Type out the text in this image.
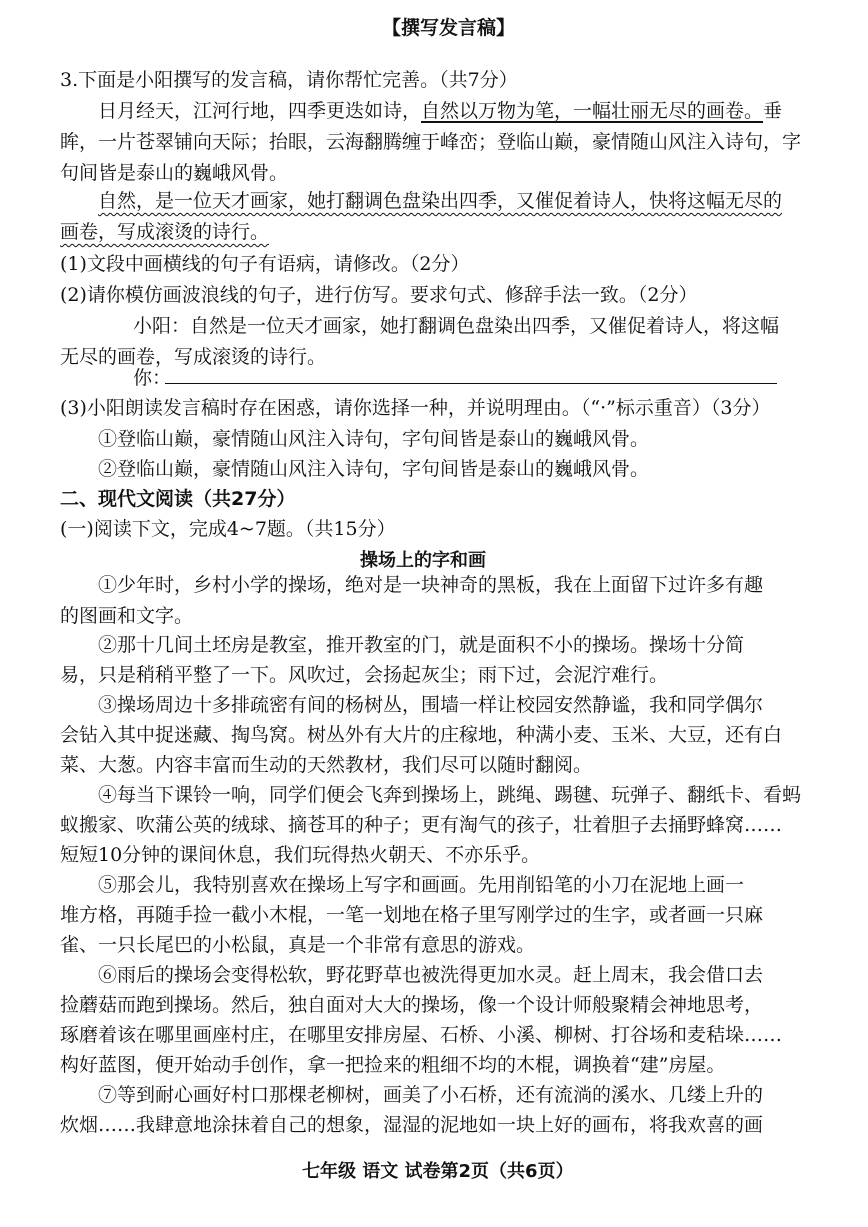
【撰写发言稿】
3.下面是小阳撰写的发言稿，请你帮忙完善。（共7分）
日月经天，江河行地，四季更迭如诗，自然以万物为笔，一幅壮丽无尽的画卷。垂
眸，一片苍翠铺向天际；抬眼，云海翻腾缠于峰峦；登临山巅，豪情随山风注入诗句，字
句间皆是泰山的巍峨风骨。
自然，是一位天才画家，她打翻调色盘染出四季，又催促着诗人，快将这幅无尽的
画卷，写成滚烫的诗行。
(1)文段中画横线的句子有语病，请修改。（2分）
(2)请你模仿画波浪线的句子，进行仿写。要求句式、修辞手法一致。（2分）
小阳：自然是一位天才画家，她打翻调色盘染出四季，又催促着诗人，将这幅
无尽的画卷，写成滚烫的诗行。
你：
(3)小阳朗读发言稿时存在困惑，请你选择一种，并说明理由。（“·”标示重音）（3分）
①登临山巅，豪情随山风注入诗句，字句间皆是泰山的巍峨风骨。
②登临山巅，豪情随山风注入诗句，字句间皆是泰山的巍峨风骨。
二、现代文阅读（共27分）
(一)阅读下文，完成4~7题。（共15分）
操场上的字和画
①少年时，乡村小学的操场，绝对是一块神奇的黑板，我在上面留下过许多有趣
的图画和文字。
②那十几间土坯房是教室，推开教室的门，就是面积不小的操场。操场十分简
易，只是稍稍平整了一下。风吹过，会扬起灰尘；雨下过，会泥泞难行。
③操场周边十多排疏密有间的杨树丛，围墙一样让校园安然静谧，我和同学偶尔
会钻入其中捉迷藏、掏鸟窝。树丛外有大片的庄稼地，种满小麦、玉米、大豆，还有白
菜、大葱。内容丰富而生动的天然教材，我们尽可以随时翻阅。
④每当下课铃一响，同学们便会飞奔到操场上，跳绳、踢毽、玩弹子、翻纸卡、看蚂
蚁搬家、吹蒲公英的绒球、摘苍耳的种子；更有淘气的孩子，壮着胆子去捅野蜂窝……
短短10分钟的课间休息，我们玩得热火朝天、不亦乐乎。
⑤那会儿，我特别喜欢在操场上写字和画画。先用削铅笔的小刀在泥地上画一
堆方格，再随手捡一截小木棍，一笔一划地在格子里写刚学过的生字，或者画一只麻
雀、一只长尾巴的小松鼠，真是一个非常有意思的游戏。
⑥雨后的操场会变得松软，野花野草也被洗得更加水灵。赶上周末，我会借口去
捡蘑菇而跑到操场。然后，独自面对大大的操场，像一个设计师般聚精会神地思考，
琢磨着该在哪里画座村庄，在哪里安排房屋、石桥、小溪、柳树、打谷场和麦秸垛……
构好蓝图，便开始动手创作，拿一把捡来的粗细不均的木棍，调换着“建”房屋。
⑦等到耐心画好村口那棵老柳树，画美了小石桥，还有流淌的溪水、几缕上升的
炊烟……我肆意地涂抹着自己的想象，湿湿的泥地如一块上好的画布，将我欢喜的画
七年级 语文 试卷第2页（共6页）
